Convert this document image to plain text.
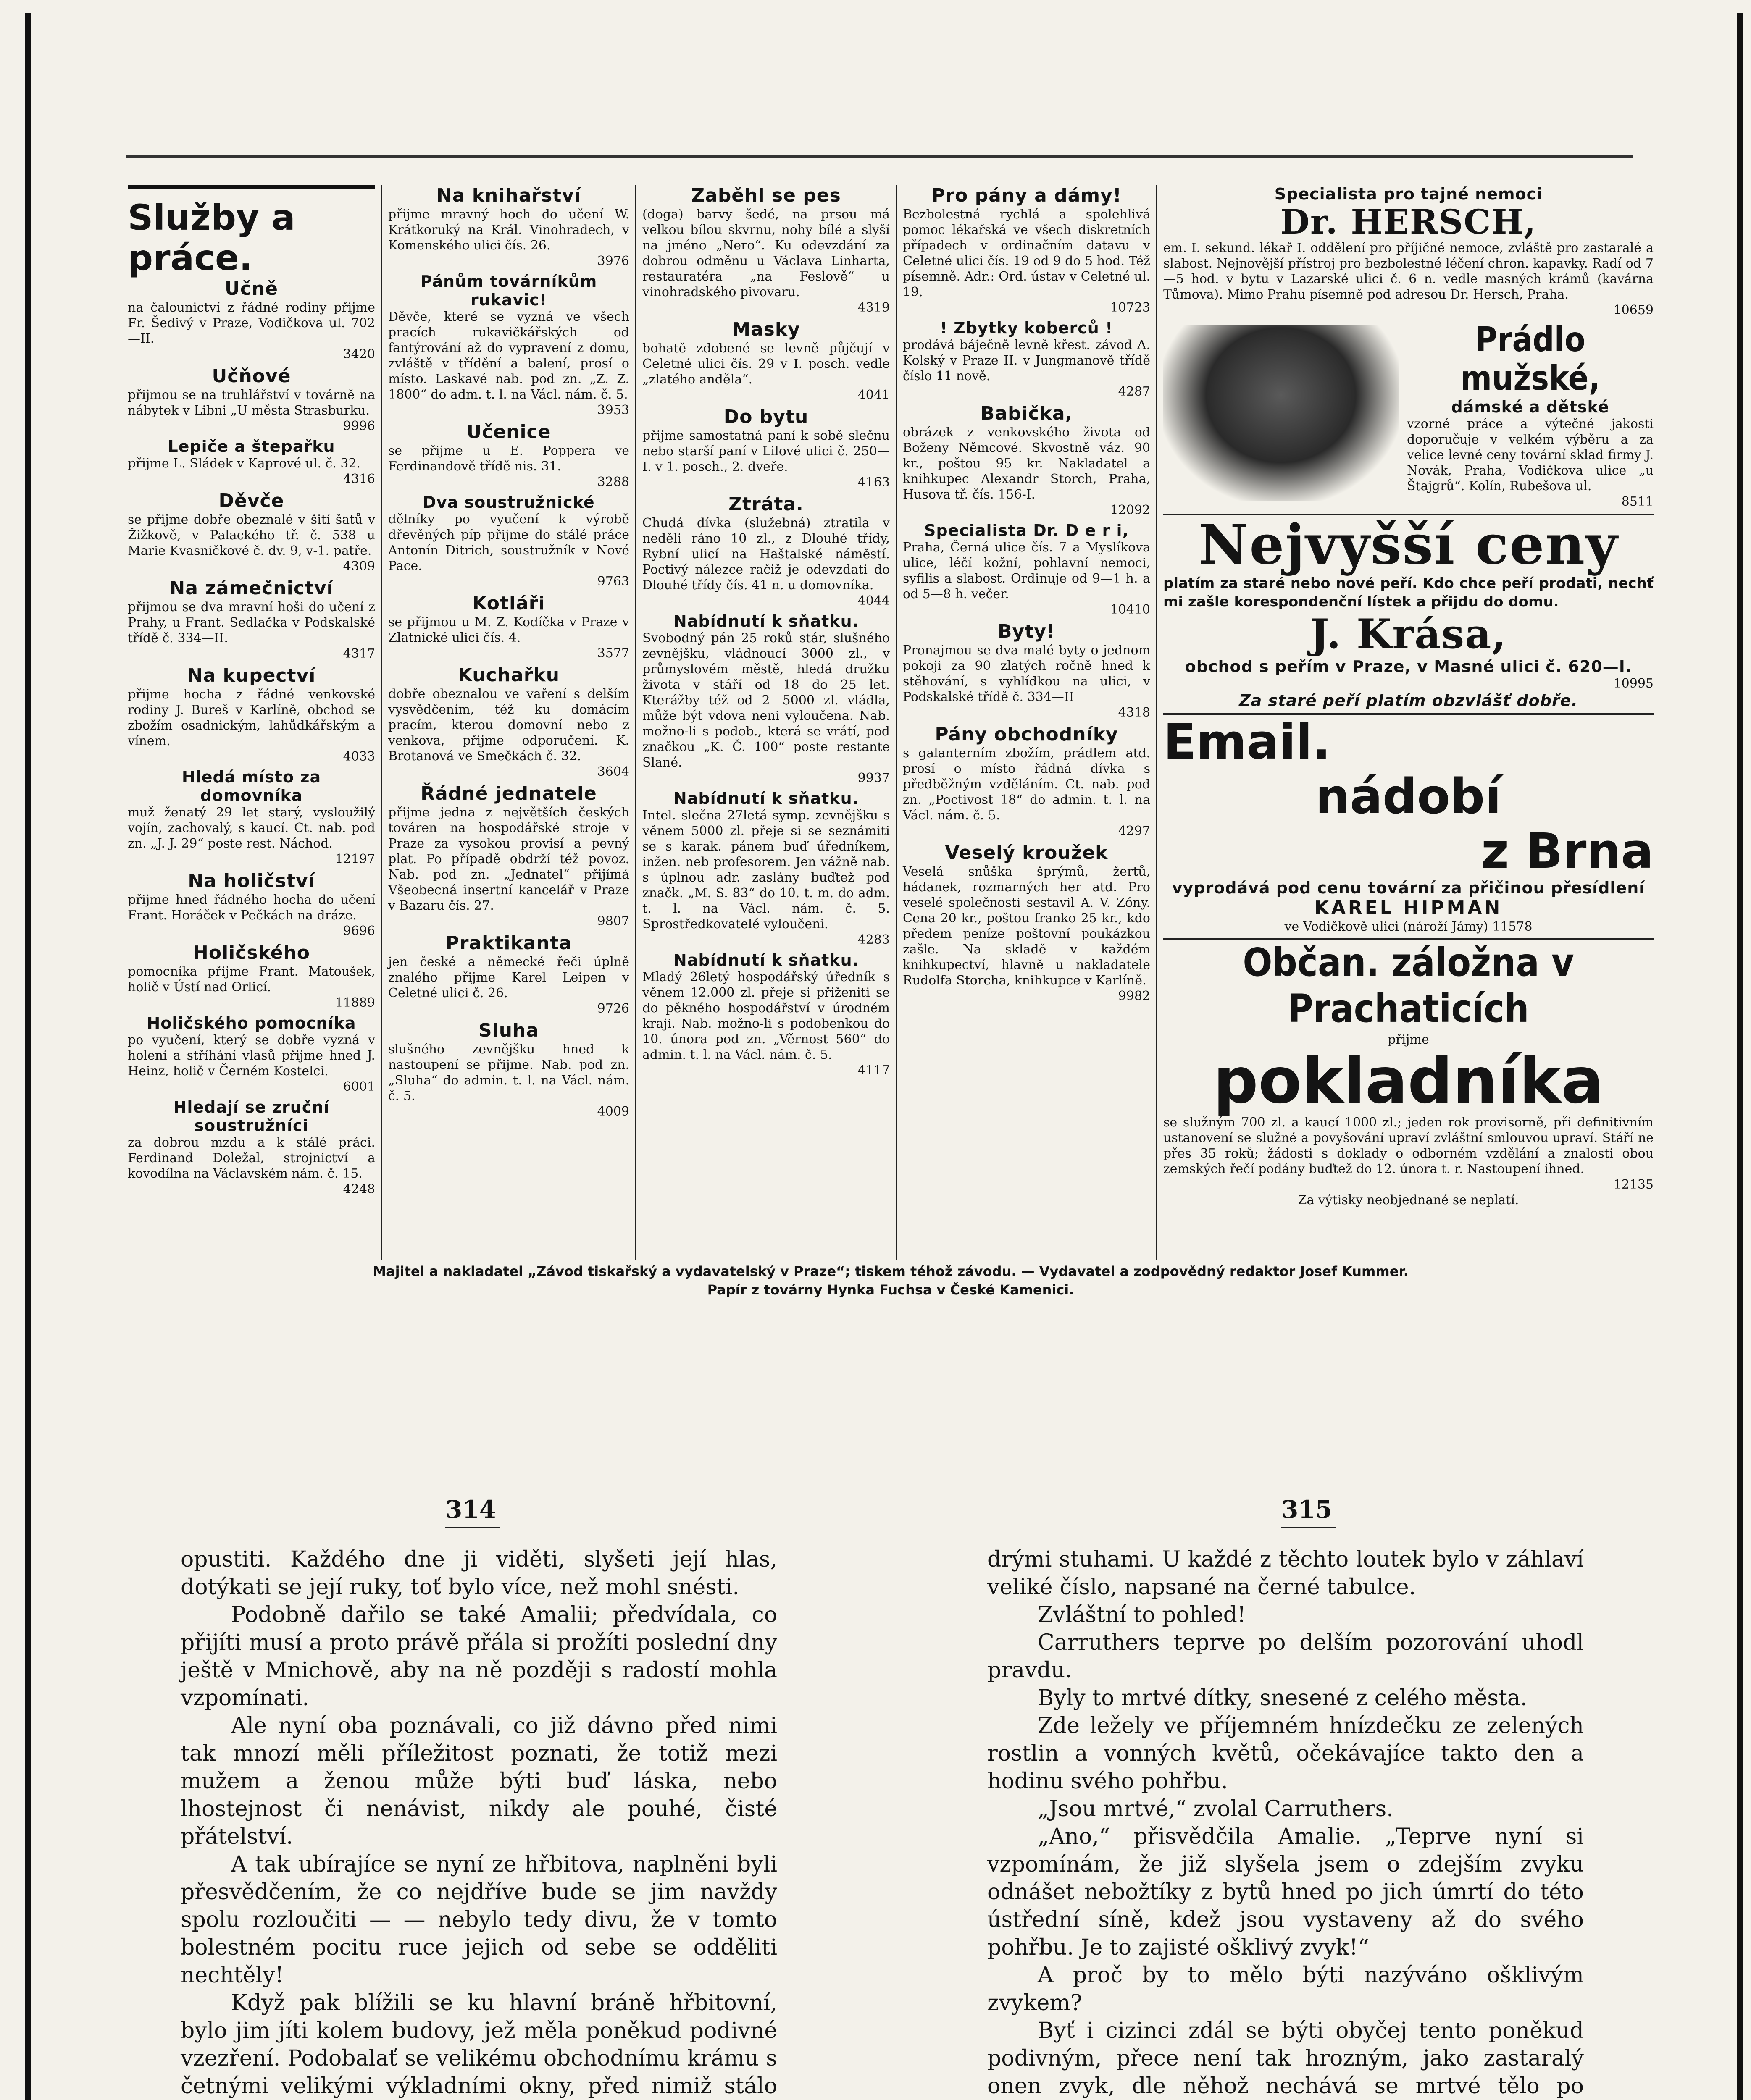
Služby a práce.
Učně
na čalounictví z řádné rodiny přijme Fr. Šedivý v Praze, Vodičkova ul. 702—II.
3420
Učňové
přijmou se na truhlářství v továrně na nábytek v Libni „U města Strasburku.
9996
Lepiče a štepařku
přijme L. Sládek v Kaprové ul. č. 32.
4316
Děvče
se přijme dobře obeznalé v šití šatů v Žižkově, v Palackého tř. č. 538 u Marie Kvasničkové č. dv. 9, v-1. patře.
4309
Na zámečnictví
přijmou se dva mravní hoši do učení z Prahy, u Frant. Sedlačka v Podskalské třídě č. 334—II.
4317
Na kupectví
přijme hocha z řádné venkovské rodiny J. Bureš v Karlíně, obchod se zbožím osadnickým, lahůdkářským a vínem.
4033
Hledá místo za domovníka
muž ženatý 29 let starý, vysloužilý vojín, zachovalý, s kaucí. Ct. nab. pod zn. „J. J. 29“ poste rest. Náchod.
12197
Na holičství
přijme hned řádného hocha do učení Frant. Horáček v Pečkách na dráze.
9696
Holičského
pomocníka přijme Frant. Matoušek, holič v Ústí nad Orlicí.
11889
Holičského pomocníka
po vyučení, který se dobře vyzná v holení a stříhání vlasů přijme hned J. Heinz, holič v Černém Kostelci.
6001
Hledají se zruční soustružníci
za dobrou mzdu a k stálé práci. Ferdinand Doležal, strojnictví a kovodílna na Václavském nám. č. 15.
4248
Na knihařství
přijme mravný hoch do učení W. Krátkoruký na Král. Vinohradech, v Komenského ulici čís. 26.
3976
Pánům továrníkům rukavic!
Děvče, které se vyzná ve všech pracích rukavičkářských od fantýrování až do vypravení z domu, zvláště v třídění a balení, prosí o místo. Laskavé nab. pod zn. „Z. Z. 1800“ do adm. t. l. na Václ. nám. č. 5.
3953
Učenice
se přijme u E. Poppera ve Ferdinandově třídě nis. 31.
3288
Dva soustružnické
dělníky po vyučení k výrobě dřevěných píp přijme do stálé práce Antonín Ditrich, soustružník v Nové Pace.
9763
Kotláři
se přijmou u M. Z. Kodíčka v Praze v Zlatnické ulici čís. 4.
3577
Kuchařku
dobře obeznalou ve vaření s delším vysvědčením, též ku domácím pracím, kterou domovní nebo z venkova, přijme odporučení. K. Brotanová ve Smečkách č. 32.
3604
Řádné jednatele
přijme jedna z největších českých továren na hospodářské stroje v Praze za vysokou provisí a pevný plat. Po případě obdrží též povoz. Nab. pod zn. „Jednatel“ přijímá Všeobecná insertní kancelář v Praze v Bazaru čís. 27.
9807
Praktikanta
jen české a německé řeči úplně znalého přijme Karel Leipen v Celetné ulici č. 26.
9726
Sluha
slušného zevnějšku hned k nastoupení se přijme. Nab. pod zn. „Sluha“ do admin. t. l. na Václ. nám. č. 5.
4009
Zaběhl se pes
(doga) barvy šedé, na prsou má velkou bílou skvrnu, nohy bílé a slyší na jméno „Nero“. Ku odevzdání za dobrou odměnu u Václava Linharta, restauratéra „na Feslově“ u vinohradského pivovaru.
4319
Masky
bohatě zdobené se levně půjčují v Celetné ulici čís. 29 v I. posch. vedle „zlatého anděla“.
4041
Do bytu
přijme samostatná paní k sobě slečnu nebo starší paní v Lilové ulici č. 250—I. v 1. posch., 2. dveře.
4163
Ztráta.
Chudá dívka (služebná) ztratila v neděli ráno 10 zl., z Dlouhé třídy, Rybní ulicí na Haštalské náměstí. Poctivý nálezce račiž je odevzdati do Dlouhé třídy čís. 41 n. u domovníka.
4044
Nabídnutí k sňatku.
Svobodný pán 25 roků stár, slušného zevnějšku, vládnoucí 3000 zl., v průmyslovém městě, hledá družku života v stáří od 18 do 25 let. Kterážby též od 2—5000 zl. vládla, může být vdova neni vyloučena. Nab. možno-li s podob., která se vrátí, pod značkou „K. Č. 100“ poste restante Slané.
9937
Nabídnutí k sňatku.
Intel. slečna 27letá symp. zevnějšku s věnem 5000 zl. přeje si se seznámiti se s karak. pánem buď úředníkem, inžen. neb profesorem. Jen vážně nab. s úplnou adr. zaslány buďtež pod značk. „M. S. 83“ do 10. t. m. do adm. t. l. na Václ. nám. č. 5. Sprostředkovatelé vyloučeni.
4283
Nabídnutí k sňatku.
Mladý 26letý hospodářský úředník s věnem 12.000 zl. přeje si přiženiti se do pěkného hospodářství v úrodném kraji. Nab. možno-li s podobenkou do 10. února pod zn. „Věrnost 560“ do admin. t. l. na Václ. nám. č. 5.
4117
Pro pány a dámy!
Bezbolestná rychlá a spolehlivá pomoc lékařská ve všech diskretních případech v ordinačním datavu v Celetné ulici čís. 19 od 9 do 5 hod. Též písemně. Adr.: Ord. ústav v Celetné ul. 19.
10723
! Zbytky koberců !
prodává báječně levně křest. závod A. Kolský v Praze II. v Jungmanově třídě číslo 11 nově.
4287
Babička,
obrázek z venkovského života od Boženy Němcové. Skvostně váz. 90 kr., poštou 95 kr. Nakladatel a knihkupec Alexandr Storch, Praha, Husova tř. čís. 156-I.
12092
Specialista Dr. D e r i,
Praha, Černá ulice čís. 7 a Myslíkova ulice, léčí kožní, pohlavní nemoci, syfilis a slabost. Ordinuje od 9—1 h. a od 5—8 h. večer.
10410
Byty!
Pronajmou se dva malé byty o jednom pokoji za 90 zlatých ročně hned k stěhování, s vyhlídkou na ulici, v Podskalské třídě č. 334—II
4318
Pány obchodníky
s galanterním zbožím, prádlem atd. prosí o místo řádná dívka s předběžným vzděláním. Ct. nab. pod zn. „Poctivost 18“ do admin. t. l. na Václ. nám. č. 5.
4297
Veselý kroužek
Veselá snůška šprýmů, žertů, hádanek, rozmarných her atd. Pro veselé společnosti sestavil A. V. Zóny. Cena 20 kr., poštou franko 25 kr., kdo předem peníze poštovní poukázkou zašle. Na skladě v každém knihkupectví, hlavně u nakladatele Rudolfa Storcha, knihkupce v Karlíně.
9982
Specialista pro tajné nemoci
Dr. HERSCH,
em. I. sekund. lékař I. oddělení pro příjičné nemoce, zvláště pro zastaralé a slabost. Nejnovější přístroj pro bezbolestné léčení chron. kapavky. Radí od 7—5 hod. v bytu v Lazarské ulici č. 6 n. vedle masných krámů (kavárna Tůmova). Mimo Prahu písemně pod adresou Dr. Hersch, Praha.
10659
Prádlo mužské,
dámské a dětské
vzorné práce a výtečné jakosti doporučuje v velkém výběru a za velice levné ceny tovární sklad firmy J. Novák, Praha, Vodičkova ulice „u Štajgrů“. Kolín, Rubešova ul.
8511
Nejvyšší ceny
platím za staré nebo nové peří. Kdo chce peří prodati, nechť mi zašle korespondenční lístek a přijdu do domu.
J. Krása,
obchod s peřím v Praze, v Masné ulici č. 620—I.
10995
Za staré peří platím obzvlášť dobře.
Email.
nádobí
z Brna
vyprodává pod cenu tovární za přičinou přesídlení
KAREL HIPMAN
ve Vodičkově ulici (nároží Jámy) 11578
Občan. záložna v Prachaticích
přijme
pokladníka
se služným 700 zl. a kaucí 1000 zl.; jeden rok provisorně, při definitivním ustanovení se služné a povyšování upraví zvláštní smlouvou upraví. Stáří ne přes 35 roků; žádosti s doklady o odborném vzdělání a znalosti obou zemských řečí podány buďtež do 12. února t. r. Nastoupení ihned.
12135
Za výtisky neobjednané se neplatí.
Majitel a nakladatel „Závod tiskařský a vydavatelský v Praze“; tiskem téhož závodu. — Vydavatel a zodpovědný redaktor Josef Kummer.
Papír z továrny Hynka Fuchsa v České Kamenici.
314	315

opustiti. Každého dne ji viděti, slyšeti její hlas, dotýkati se její ruky, toť bylo více, než mohl snésti.

Podobně dařilo se také Amalii; předvídala, co přijíti musí a proto právě přála si prožíti poslední dny ještě v Mnichově, aby na ně později s radostí mohla vzpomínati.

Ale nyní oba poznávali, co již dávno před nimi tak mnozí měli příležitost poznati, že totiž mezi mužem a ženou může býti buď láska, nebo lhostejnost či nenávist, nikdy ale pouhé, čisté přátelství.

A tak ubírajíce se nyní ze hřbitova, naplněni byli přesvědčením, že co nejdříve bude se jim navždy spolu rozloučiti — — nebylo tedy divu, že v tomto bolestném pocitu ruce jejich od sebe se odděliti nechtěly!

Když pak blížili se ku hlavní bráně hřbitovní, bylo jim jíti kolem budovy, jež měla poněkud podivné vzezření. Podobalať se velikému obchodnímu krámu s četnými velikými výkladními okny, před nimiž stálo

drými stuhami. U každé z těchto loutek bylo v záhlaví veliké číslo, napsané na černé tabulce.

Zvláštní to pohled!

Carruthers teprve po delším pozorování uhodl pravdu.

Byly to mrtvé dítky, snesené z celého města.

Zde ležely ve příjemném hnízdečku ze zelených rostlin a vonných květů, očekávajíce takto den a hodinu svého pohřbu.

„Jsou mrtvé,“ zvolal Carruthers.

„Ano,“ přisvědčila Amalie. „Teprve nyní si vzpomínám, že již slyšela jsem o zdejším zvyku odnášet nebožtíky z bytů hned po jich úmrtí do této ústřední síně, kdež jsou vystaveny až do svého pohřbu. Je to zajisté ošklivý zvyk!“

A proč by to mělo býti nazýváno ošklivým zvykem?

Byť i cizinci zdál se býti obyčej tento poněkud podivným, přece není tak hrozným, jako zastaralý onen zvyk, dle něhož nechává se mrtvé tělo po
